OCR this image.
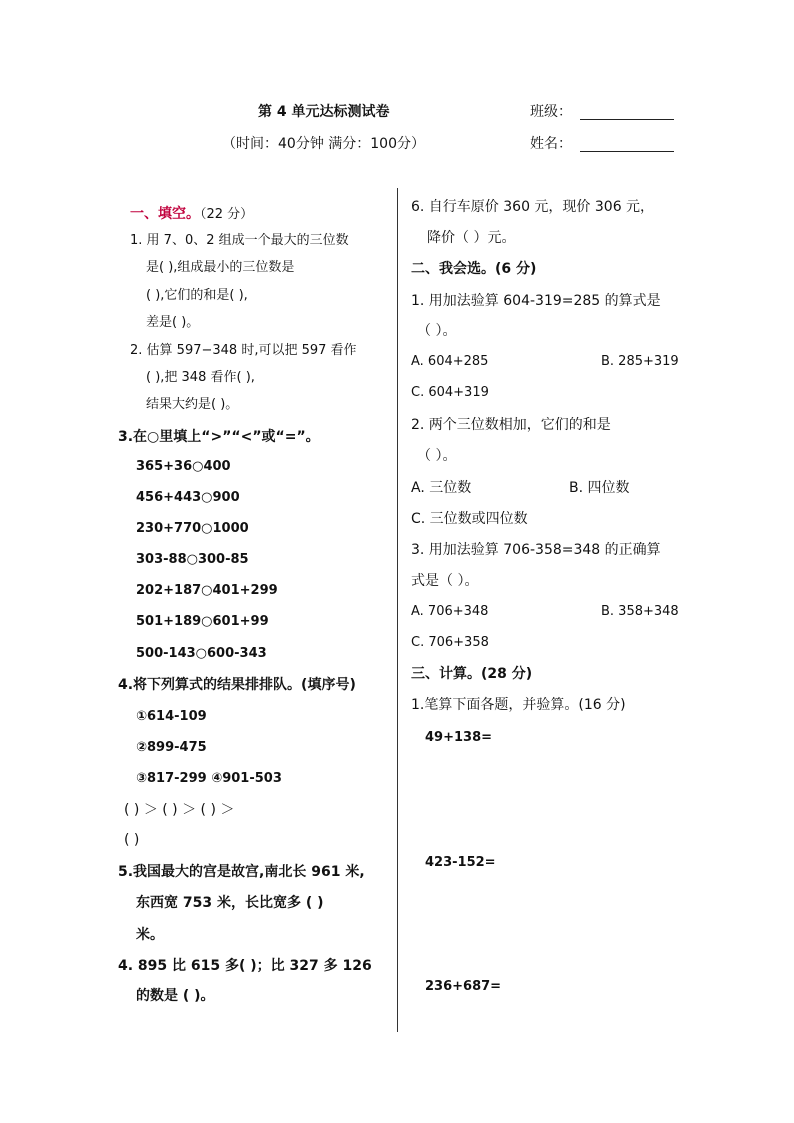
第 4 单元达标测试卷
（时间：40分钟 满分：100分）
班级：
姓名：
一、填空。（22 分）
1. 用 7、0、2 组成一个最大的三位数
是( ),组成最小的三位数是
( ),它们的和是( ),
差是( )。
2. 估算 597−348 时,可以把 597 看作
( ),把 348 看作( ),
结果大约是( )。
3.在○里填上“>”“<”或“=”。
365+36○400
456+443○900
230+770○1000
303-88○300-85
202+187○401+299
501+189○601+99
500-143○600-343
4.将下列算式的结果排排队。(填序号)
①614-109
②899-475
③817-299 ④901-503
( ) ＞ ( ) ＞ ( ) ＞
( )
5.我国最大的宫是故宫,南北长 961 米,
东西宽 753 米，长比宽多 ( )
米。
4. 895 比 615 多( )；比 327 多 126
的数是 ( )。
6. 自行车原价 360 元，现价 306 元，
降价（ ）元。
二、我会选。(6 分)
1. 用加法验算 604-319=285 的算式是
（ ）。
A. 604+285	B. 285+319
C. 604+319
2. 两个三位数相加，它们的和是
（ ）。
A. 三位数	B. 四位数
C. 三位数或四位数
3. 用加法验算 706-358=348 的正确算
式是（ ）。
A. 706+348	B. 358+348
C. 706+358
三、计算。(28 分)
1.笔算下面各题，并验算。(16 分)
49+138=
423-152=
236+687=
